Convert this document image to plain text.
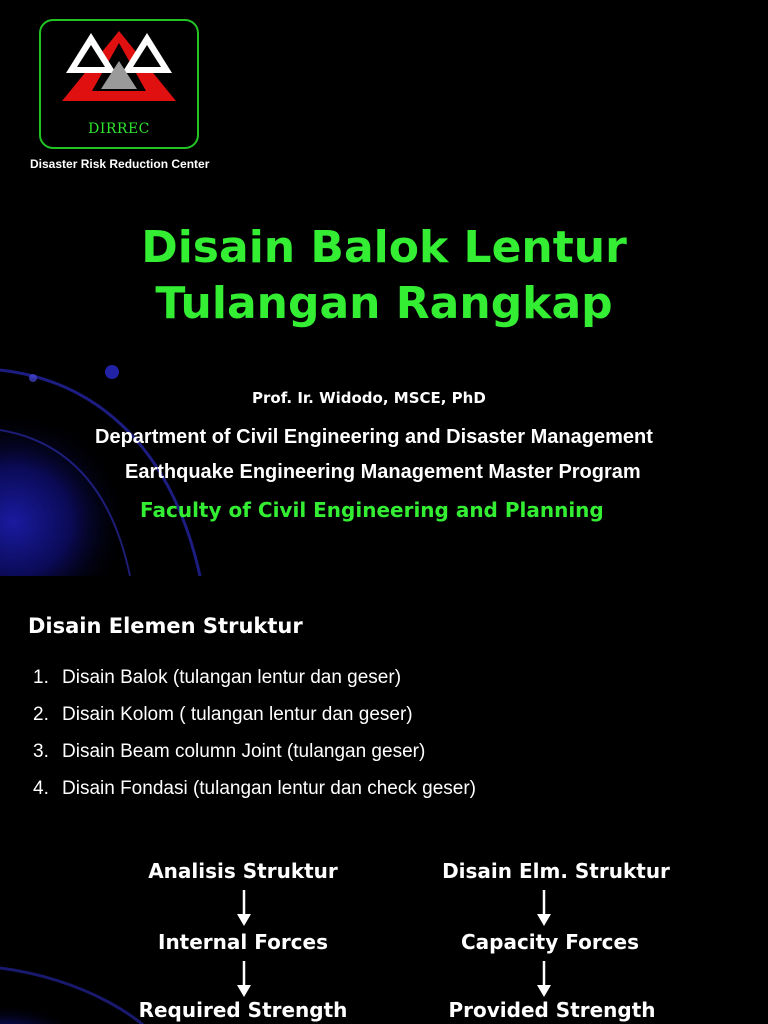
DIRREC
Disaster Risk Reduction Center
Disain Balok Lentur
Tulangan Rangkap
Prof. Ir. Widodo, MSCE, PhD
Department of Civil Engineering and Disaster Management
Earthquake Engineering Management Master Program
Faculty of Civil Engineering and Planning
Disain Elemen Struktur
1. Disain Balok (tulangan lentur dan geser)
2. Disain Kolom ( tulangan lentur dan geser)
3. Disain Beam column Joint (tulangan geser)
4. Disain Fondasi (tulangan lentur dan check geser)
Analisis Struktur
Internal Forces
Required Strength
Disain Elm. Struktur
Capacity Forces
Provided Strength
